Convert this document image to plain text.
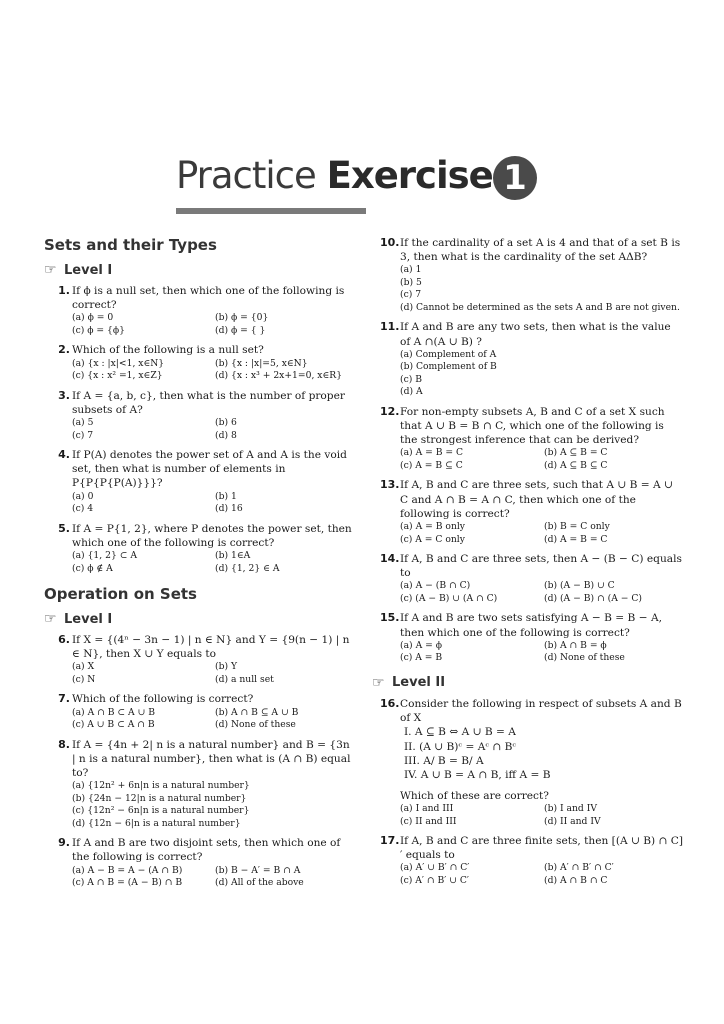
Practice Exercise 1
Sets and their Types
☞ Level I
1. If ϕ is a null set, then which one of the following is correct?
(a) ϕ = 0	(b) ϕ = {0}
(c) ϕ = {ϕ}	(d) ϕ = { }
2. Which of the following is a null set?
(a) {x : |x|<1, x∈N}	(b) {x : |x|=5, x∈N}
(c) {x : x² =1, x∈Z}	(d) {x : x³ + 2x+1=0, x∈R}
3. If A = {a, b, c}, then what is the number of proper subsets of A?
(a) 5	(b) 6
(c) 7	(d) 8
4. If P(A) denotes the power set of A and A is the void set, then what is number of elements in P{P{P{P(A)}}}?
(a) 0	(b) 1
(c) 4	(d) 16
5. If A = P{1, 2}, where P denotes the power set, then which one of the following is correct?
(a) {1, 2} ⊂ A	(b) 1∈A
(c) ϕ ∉ A	(d) {1, 2} ∈ A
Operation on Sets
☞ Level I
6. If X = {(4ⁿ − 3n − 1) | n ∈ N} and Y = {9(n − 1) | n ∈ N}, then X ∪ Y equals to
(a) X	(b) Y
(c) N	(d) a null set
7. Which of the following is correct?
(a) A ∩ B ⊂ A ∪ B	(b) A ∩ B ⊆ A ∪ B
(c) A ∪ B ⊂ A ∩ B	(d) None of these
8. If A = {4n + 2| n is a natural number} and B = {3n | n is a natural number}, then what is (A ∩ B) equal to?
(a) {12n² + 6n|n is a natural number}
(b) {24n − 12|n is a natural number}
(c) {12n² − 6n|n is a natural number}
(d) {12n − 6|n is a natural number}
9. If A and B are two disjoint sets, then which one of the following is correct?
(a) A − B = A − (A ∩ B)	(b) B − A′ = B ∩ A
(c) A ∩ B = (A − B) ∩ B	(d) All of the above
10. If the cardinality of a set A is 4 and that of a set B is 3, then what is the cardinality of the set AΔB?
(a) 1
(b) 5
(c) 7
(d) Cannot be determined as the sets A and B are not given.
11. If A and B are any two sets, then what is the value of A ∩(A ∪ B) ?
(a) Complement of A
(b) Complement of B
(c) B
(d) A
12. For non-empty subsets A, B and C of a set X such that A ∪ B = B ∩ C, which one of the following is the strongest inference that can be derived?
(a) A = B = C	(b) A ⊆ B = C
(c) A = B ⊆ C	(d) A ⊆ B ⊆ C
13. If A, B and C are three sets, such that A ∪ B = A ∪ C and A ∩ B = A ∩ C, then which one of the following is correct?
(a) A = B only	(b) B = C only
(c) A = C only	(d) A = B = C
14. If A, B and C are three sets, then A − (B − C) equals to
(a) A − (B ∩ C)	(b) (A − B) ∪ C
(c) (A − B) ∪ (A ∩ C)	(d) (A − B) ∩ (A − C)
15. If A and B are two sets satisfying A − B = B − A, then which one of the following is correct?
(a) A = ϕ	(b) A ∩ B = ϕ
(c) A = B	(d) None of these
☞ Level II
16. Consider the following in respect of subsets A and B of X
I. A ⊆ B ⇔ A ∪ B = A
II. (A ∪ B)ᶜ = Aᶜ ∩ Bᶜ
III. A/ B = B/ A
IV. A ∪ B = A ∩ B, iff A = B
Which of these are correct?
(a) I and III	(b) I and IV
(c) II and III	(d) II and IV
17. If A, B and C are three finite sets, then [(A ∪ B) ∩ C]′ equals to
(a) A′ ∪ B′ ∩ C′	(b) A′ ∩ B′ ∩ C′
(c) A′ ∩ B′ ∪ C′	(d) A ∩ B ∩ C
